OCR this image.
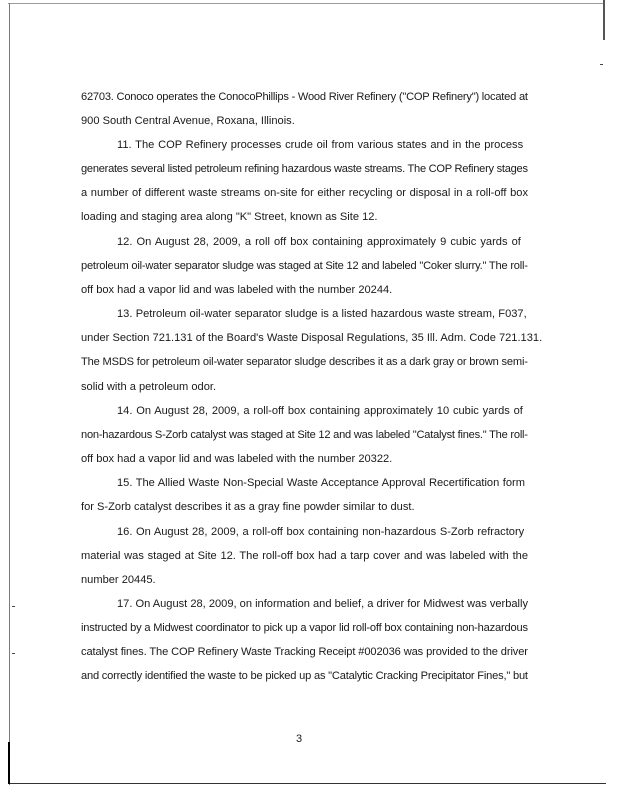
62703. Conoco operates the ConocoPhillips - Wood River Refinery ("COP Refinery") located at
900 South Central Avenue, Roxana, Illinois.
11. The COP Refinery processes crude oil from various states and in the process
generates several listed petroleum refining hazardous waste streams. The COP Refinery stages
a number of different waste streams on-site for either recycling or disposal in a roll-off box
loading and staging area along "K" Street, known as Site 12.
12. On August 28, 2009, a roll off box containing approximately 9 cubic yards of
petroleum oil-water separator sludge was staged at Site 12 and labeled "Coker slurry." The roll-
off box had a vapor lid and was labeled with the number 20244.
13. Petroleum oil-water separator sludge is a listed hazardous waste stream, F037,
under Section 721.131 of the Board's Waste Disposal Regulations, 35 Ill. Adm. Code 721.131.
The MSDS for petroleum oil-water separator sludge describes it as a dark gray or brown semi-
solid with a petroleum odor.
14. On August 28, 2009, a roll-off box containing approximately 10 cubic yards of
non-hazardous S-Zorb catalyst was staged at Site 12 and was labeled "Catalyst fines." The roll-
off box had a vapor lid and was labeled with the number 20322.
15. The Allied Waste Non-Special Waste Acceptance Approval Recertification form
for S-Zorb catalyst describes it as a gray fine powder similar to dust.
16. On August 28, 2009, a roll-off box containing non-hazardous S-Zorb refractory
material was staged at Site 12. The roll-off box had a tarp cover and was labeled with the
number 20445.
17. On August 28, 2009, on information and belief, a driver for Midwest was verbally
instructed by a Midwest coordinator to pick up a vapor lid roll-off box containing non-hazardous
catalyst fines. The COP Refinery Waste Tracking Receipt #002036 was provided to the driver
and correctly identified the waste to be picked up as "Catalytic Cracking Precipitator Fines," but
3
